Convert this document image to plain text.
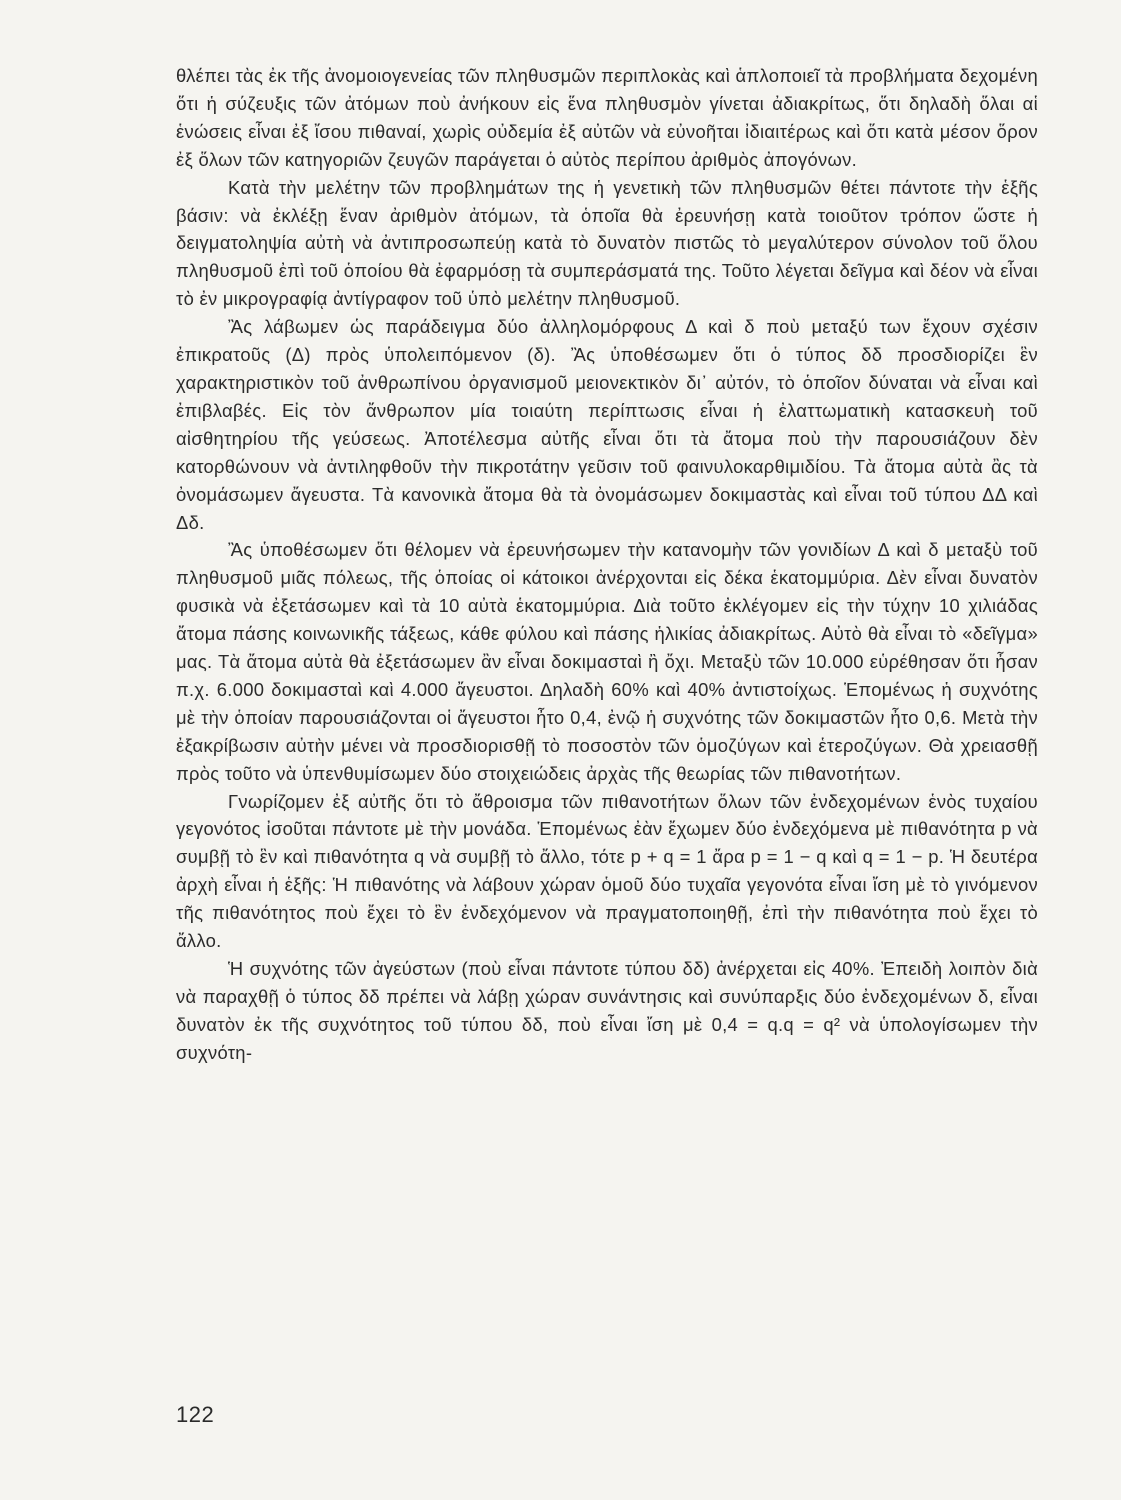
θλέπει τὰς ἐκ τῆς ἀνομοιογενείας τῶν πληθυσμῶν περιπλοκὰς καὶ ἁπλοποιεῖ τὰ προβλήματα δεχομένη ὅτι ἡ σύζευξις τῶν ἀτόμων ποὺ ἀνήκουν εἰς ἕνα πληθυσμὸν γίνεται ἀδιακρίτως, ὅτι δηλαδὴ ὅλαι αἱ ἑνώσεις εἶναι ἐξ ἴσου πιθαναί, χωρὶς οὐδεμία ἐξ αὐτῶν νὰ εὐνοῆται ἰδιαιτέρως καὶ ὅτι κατὰ μέσον ὅρον ἐξ ὅλων τῶν κατηγοριῶν ζευγῶν παράγεται ὁ αὐτὸς περίπου ἀριθμὸς ἀπογόνων.

Κατὰ τὴν μελέτην τῶν προβλημάτων της ἡ γενετικὴ τῶν πληθυσμῶν θέτει πάντοτε τὴν ἑξῆς βάσιν: νὰ ἐκλέξῃ ἕναν ἀριθμὸν ἀτόμων, τὰ ὁποῖα θὰ ἐρευνήσῃ κατὰ τοιοῦτον τρόπον ὥστε ἡ δειγματοληψία αὐτὴ νὰ ἀντιπροσωπεύῃ κατὰ τὸ δυνατὸν πιστῶς τὸ μεγαλύτερον σύνολον τοῦ ὅλου πληθυσμοῦ ἐπὶ τοῦ ὁποίου θὰ ἐφαρμόσῃ τὰ συμπεράσματά της. Τοῦτο λέγεται δεῖγμα καὶ δέον νὰ εἶναι τὸ ἐν μικρογραφίᾳ ἀντίγραφον τοῦ ὑπὸ μελέτην πληθυσμοῦ.

Ἂς λάβωμεν ὡς παράδειγμα δύο ἀλληλομόρφους Δ καὶ δ ποὺ μεταξύ των ἔχουν σχέσιν ἐπικρατοῦς (Δ) πρὸς ὑπολειπόμενον (δ). Ἂς ὑποθέσωμεν ὅτι ὁ τύπος δδ προσδιορίζει ἓν χαρακτηριστικὸν τοῦ ἀνθρωπίνου ὀργανισμοῦ μειονεκτικὸν δι᾿ αὐτόν, τὸ ὁποῖον δύναται νὰ εἶναι καὶ ἐπιβλαβές. Εἰς τὸν ἄνθρωπον μία τοιαύτη περίπτωσις εἶναι ἡ ἐλαττωματικὴ κατασκευὴ τοῦ αἰσθητηρίου τῆς γεύσεως. Ἀποτέλεσμα αὐτῆς εἶναι ὅτι τὰ ἄτομα ποὺ τὴν παρουσιάζουν δὲν κατορθώνουν νὰ ἀντιληφθοῦν τὴν πικροτάτην γεῦσιν τοῦ φαινυλοκαρθιμιδίου. Τὰ ἄτομα αὐτὰ ἂς τὰ ὀνομάσωμεν ἄγευστα. Τὰ κανονικὰ ἄτομα θὰ τὰ ὀνομάσωμεν δοκιμαστὰς καὶ εἶναι τοῦ τύπου ΔΔ καὶ Δδ.

Ἂς ὑποθέσωμεν ὅτι θέλομεν νὰ ἐρευνήσωμεν τὴν κατανομὴν τῶν γονιδίων Δ καὶ δ μεταξὺ τοῦ πληθυσμοῦ μιᾶς πόλεως, τῆς ὁποίας οἱ κάτοικοι ἀνέρχονται εἰς δέκα ἑκατομμύρια. Δὲν εἶναι δυνατὸν φυσικὰ νὰ ἐξετάσωμεν καὶ τὰ 10 αὐτὰ ἑκατομμύρια. Διὰ τοῦτο ἐκλέγομεν εἰς τὴν τύχην 10 χιλιάδας ἄτομα πάσης κοινωνικῆς τάξεως, κάθε φύλου καὶ πάσης ἡλικίας ἀδιακρίτως. Αὐτὸ θὰ εἶναι τὸ «δεῖγμα» μας. Τὰ ἄτομα αὐτὰ θὰ ἐξετάσωμεν ἂν εἶναι δοκιμασταὶ ἢ ὄχι. Μεταξὺ τῶν 10.000 εὑρέθησαν ὅτι ἦσαν π.χ. 6.000 δοκιμασταὶ καὶ 4.000 ἄγευστοι. Δηλαδὴ 60% καὶ 40% ἀντιστοίχως. Ἑπομένως ἡ συχνότης μὲ τὴν ὁποίαν παρουσιάζονται οἱ ἄγευστοι ἦτο 0,4, ἐνῷ ἡ συχνότης τῶν δοκιμαστῶν ἦτο 0,6. Μετὰ τὴν ἐξακρίβωσιν αὐτὴν μένει νὰ προσδιορισθῇ τὸ ποσοστὸν τῶν ὁμοζύγων καὶ ἑτεροζύγων. Θὰ χρειασθῇ πρὸς τοῦτο νὰ ὑπενθυμίσωμεν δύο στοιχειώδεις ἀρχὰς τῆς θεωρίας τῶν πιθανοτήτων.

Γνωρίζομεν ἐξ αὐτῆς ὅτι τὸ ἄθροισμα τῶν πιθανοτήτων ὅλων τῶν ἐνδεχομένων ἑνὸς τυχαίου γεγονότος ἰσοῦται πάντοτε μὲ τὴν μονάδα. Ἑπομένως ἐὰν ἔχωμεν δύο ἐνδεχόμενα μὲ πιθανότητα p νὰ συμβῇ τὸ ἓν καὶ πιθανότητα q νὰ συμβῇ τὸ ἄλλο, τότε p + q = 1 ἄρα p = 1 − q καὶ q = 1 − p. Ἡ δευτέρα ἀρχὴ εἶναι ἡ ἑξῆς: Ἡ πιθανότης νὰ λάβουν χώραν ὁμοῦ δύο τυχαῖα γεγονότα εἶναι ἴση μὲ τὸ γινόμενον τῆς πιθανότητος ποὺ ἔχει τὸ ἓν ἐνδεχόμενον νὰ πραγματοποιηθῇ, ἐπὶ τὴν πιθανότητα ποὺ ἔχει τὸ ἄλλο.

Ἡ συχνότης τῶν ἀγεύστων (ποὺ εἶναι πάντοτε τύπου δδ) ἀνέρχεται εἰς 40%. Ἐπειδὴ λοιπὸν διὰ νὰ παραχθῇ ὁ τύπος δδ πρέπει νὰ λάβῃ χώραν συνάντησις καὶ συνύπαρξις δύο ἐνδεχομένων δ, εἶναι δυνατὸν ἐκ τῆς συχνότητος τοῦ τύπου δδ, ποὺ εἶναι ἴση μὲ 0,4 = q.q = q² νὰ ὑπολογίσωμεν τὴν συχνότη-

122
